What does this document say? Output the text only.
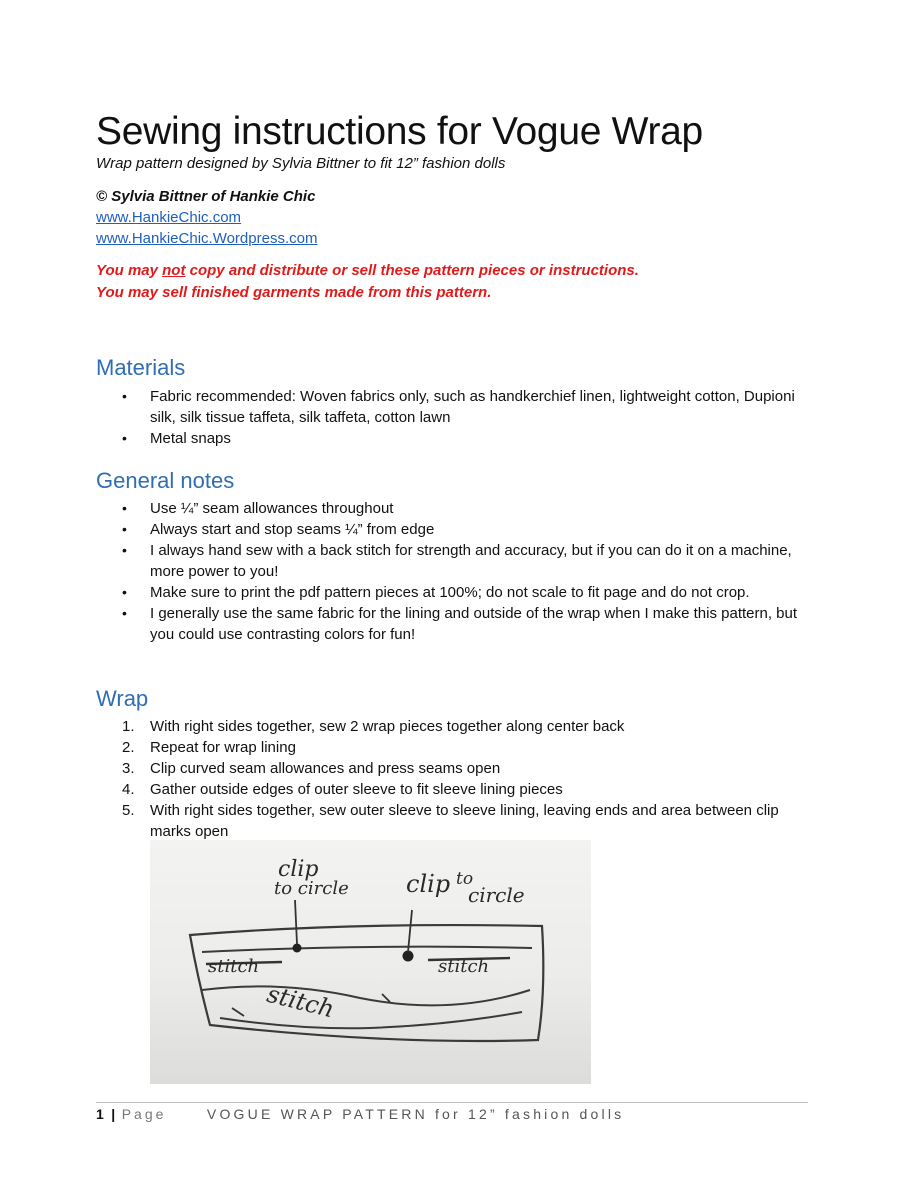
Sewing instructions for Vogue Wrap
Wrap pattern designed by Sylvia Bittner to fit 12” fashion dolls
© Sylvia Bittner of Hankie Chic
www.HankieChic.com
www.HankieChic.Wordpress.com
You may not copy and distribute or sell these pattern pieces or instructions.
You may sell finished garments made from this pattern.
Materials
• Fabric recommended: Woven fabrics only, such as handkerchief linen, lightweight cotton, Dupioni silk, silk tissue taffeta, silk taffeta, cotton lawn
• Metal snaps
General notes
• Use ¼” seam allowances throughout
• Always start and stop seams ¼” from edge
• I always hand sew with a back stitch for strength and accuracy, but if you can do it on a machine, more power to you!
• Make sure to print the pdf pattern pieces at 100%; do not scale to fit page and do not crop.
• I generally use the same fabric for the lining and outside of the wrap when I make this pattern, but you could use contrasting colors for fun!
Wrap
1. With right sides together, sew 2 wrap pieces together along center back
2. Repeat for wrap lining
3. Clip curved seam allowances and press seams open
4. Gather outside edges of outer sleeve to fit sleeve lining pieces
5. With right sides together, sew outer sleeve to sleeve lining, leaving ends and area between clip marks open
clip
to circle clip to
circle
stitch	stitch
stitch
1 | Page	VOGUE WRAP PATTERN for 12” fashion dolls
